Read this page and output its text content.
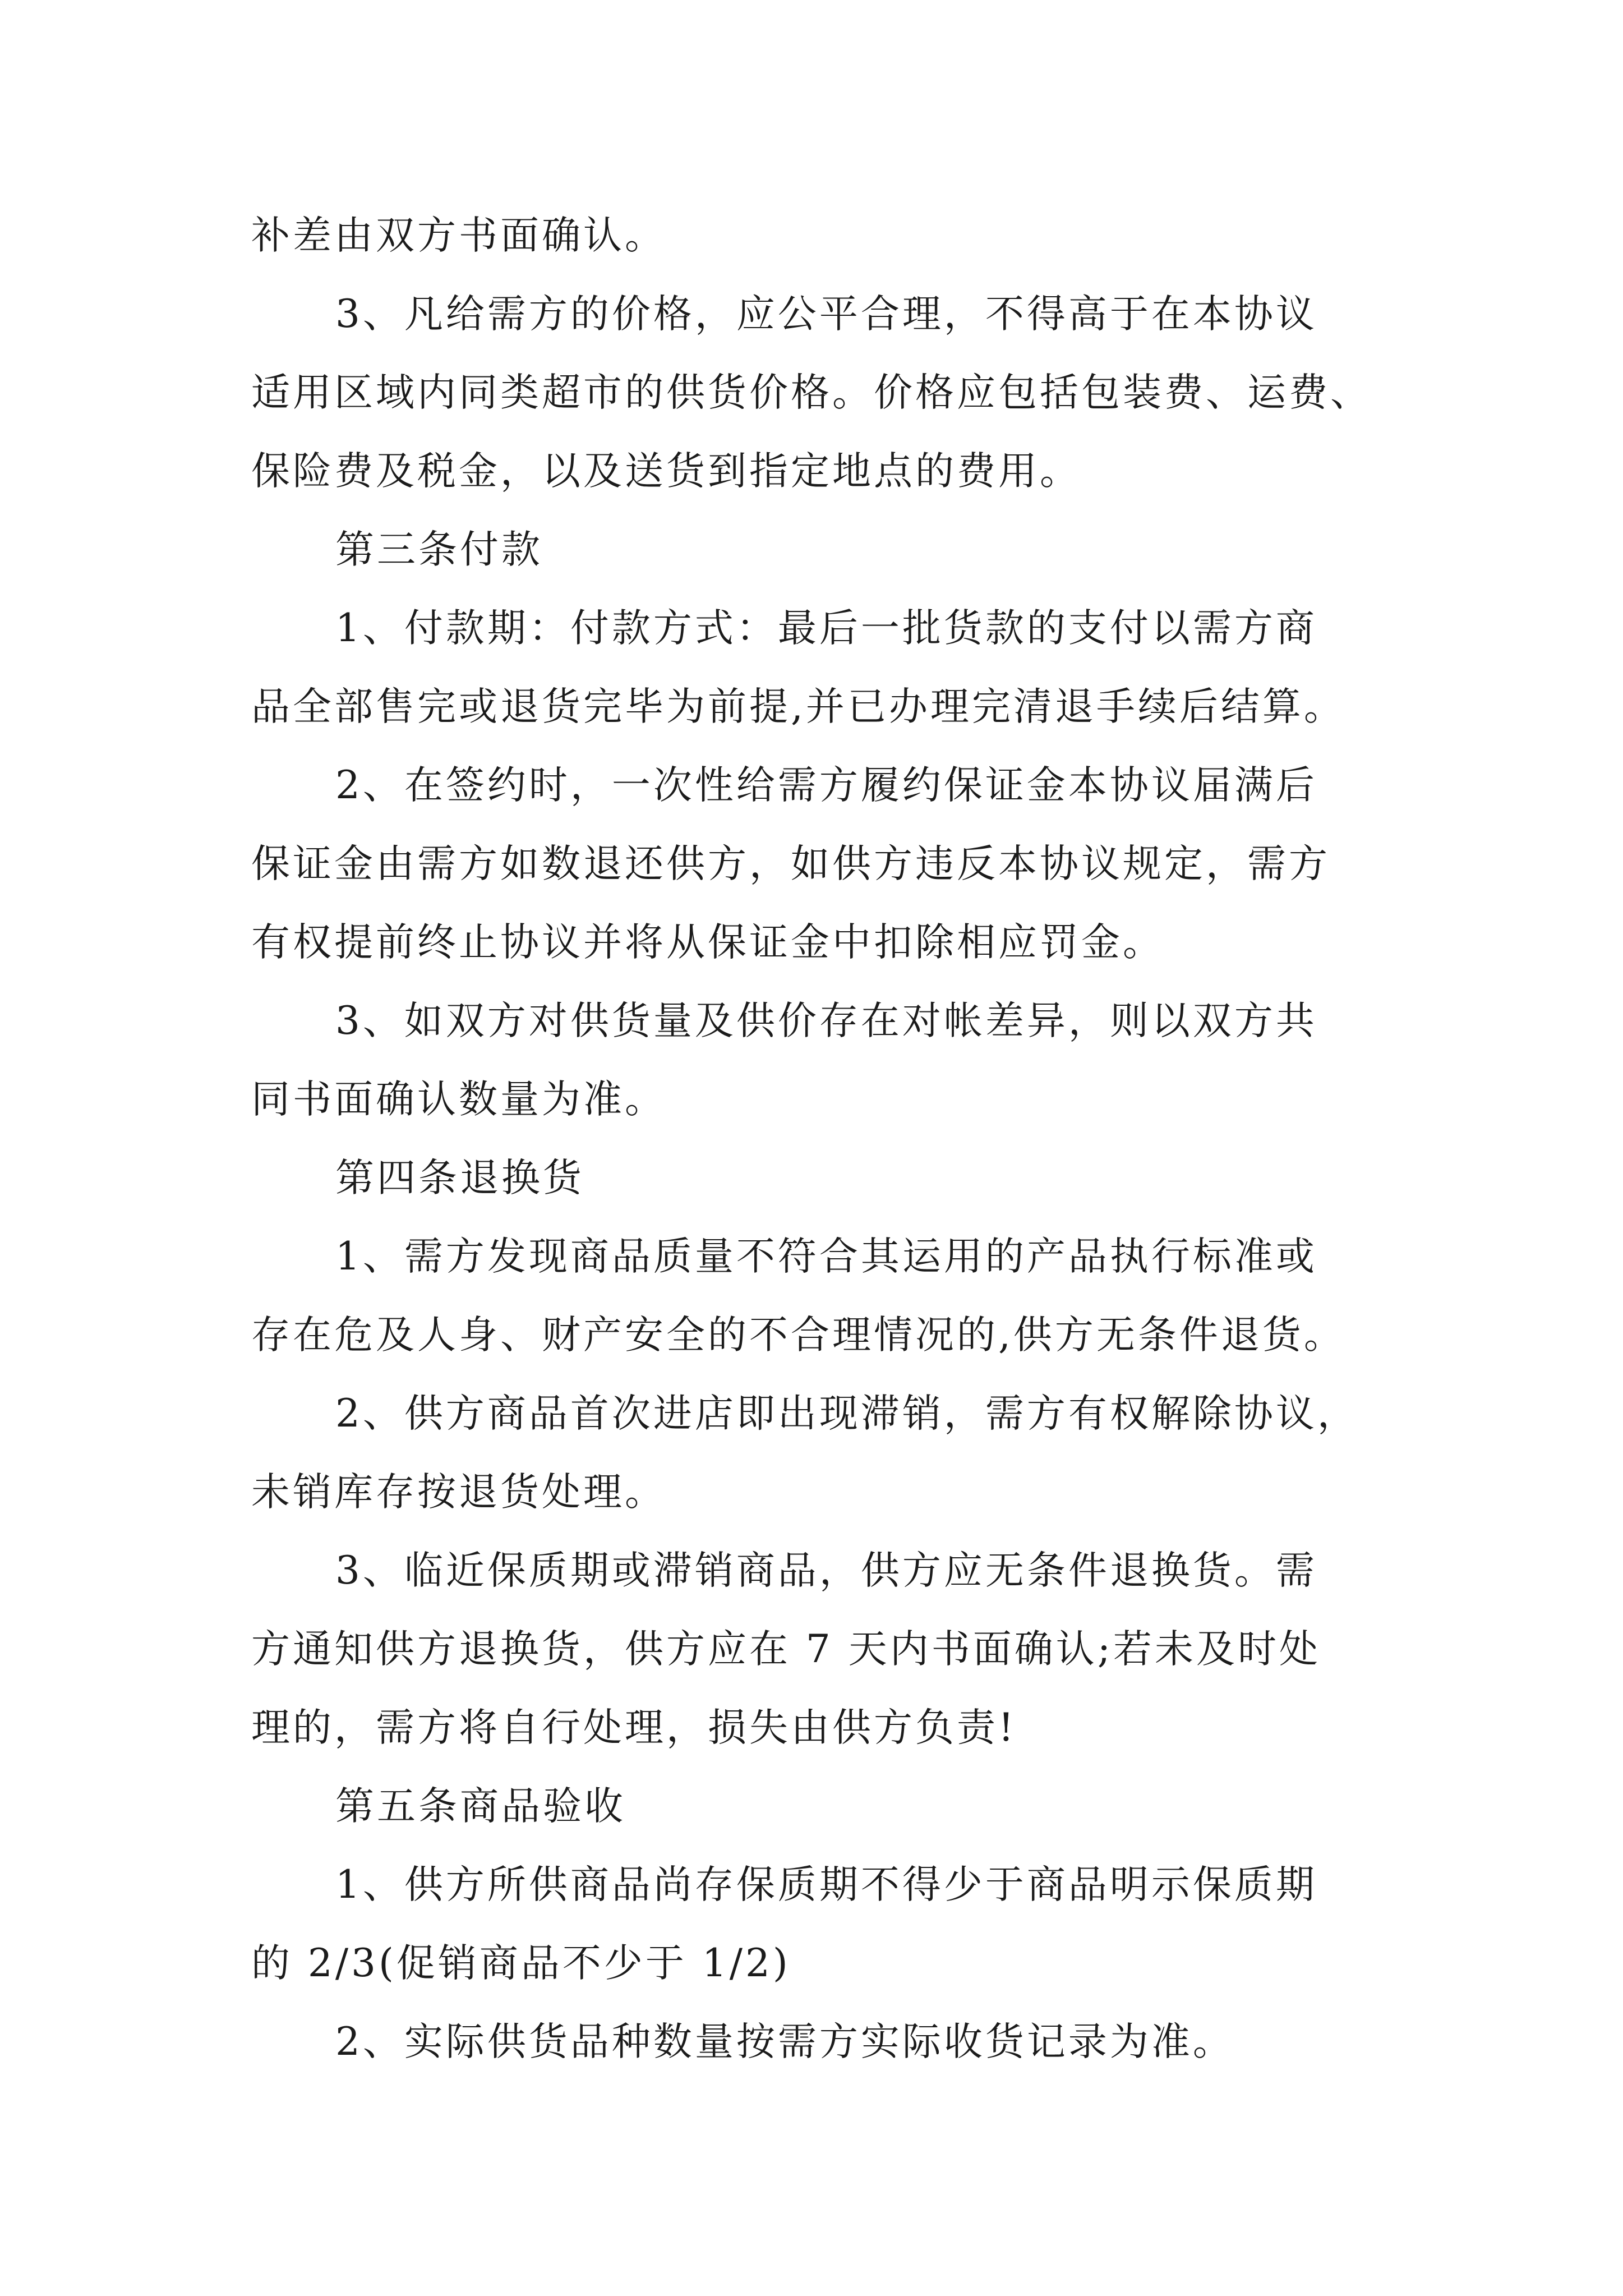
补差由双方书面确认。
3、凡给需方的价格，应公平合理，不得高于在本协议
适用区域内同类超市的供货价格。价格应包括包装费、运费、
保险费及税金，以及送货到指定地点的费用。
第三条付款
1、付款期：付款方式：最后一批货款的支付以需方商
品全部售完或退货完毕为前提,并已办理完清退手续后结算。
2、在签约时，一次性给需方履约保证金本协议届满后
保证金由需方如数退还供方，如供方违反本协议规定，需方
有权提前终止协议并将从保证金中扣除相应罚金。
3、如双方对供货量及供价存在对帐差异，则以双方共
同书面确认数量为准。
第四条退换货
1、需方发现商品质量不符合其运用的产品执行标准或
存在危及人身、财产安全的不合理情况的,供方无条件退货。
2、供方商品首次进店即出现滞销，需方有权解除协议，
未销库存按退货处理。
3、临近保质期或滞销商品，供方应无条件退换货。需
方通知供方退换货，供方应在 7 天内书面确认;若未及时处
理的，需方将自行处理，损失由供方负责!
第五条商品验收
1、供方所供商品尚存保质期不得少于商品明示保质期
的 2/3(促销商品不少于 1/2)
2、实际供货品种数量按需方实际收货记录为准。
